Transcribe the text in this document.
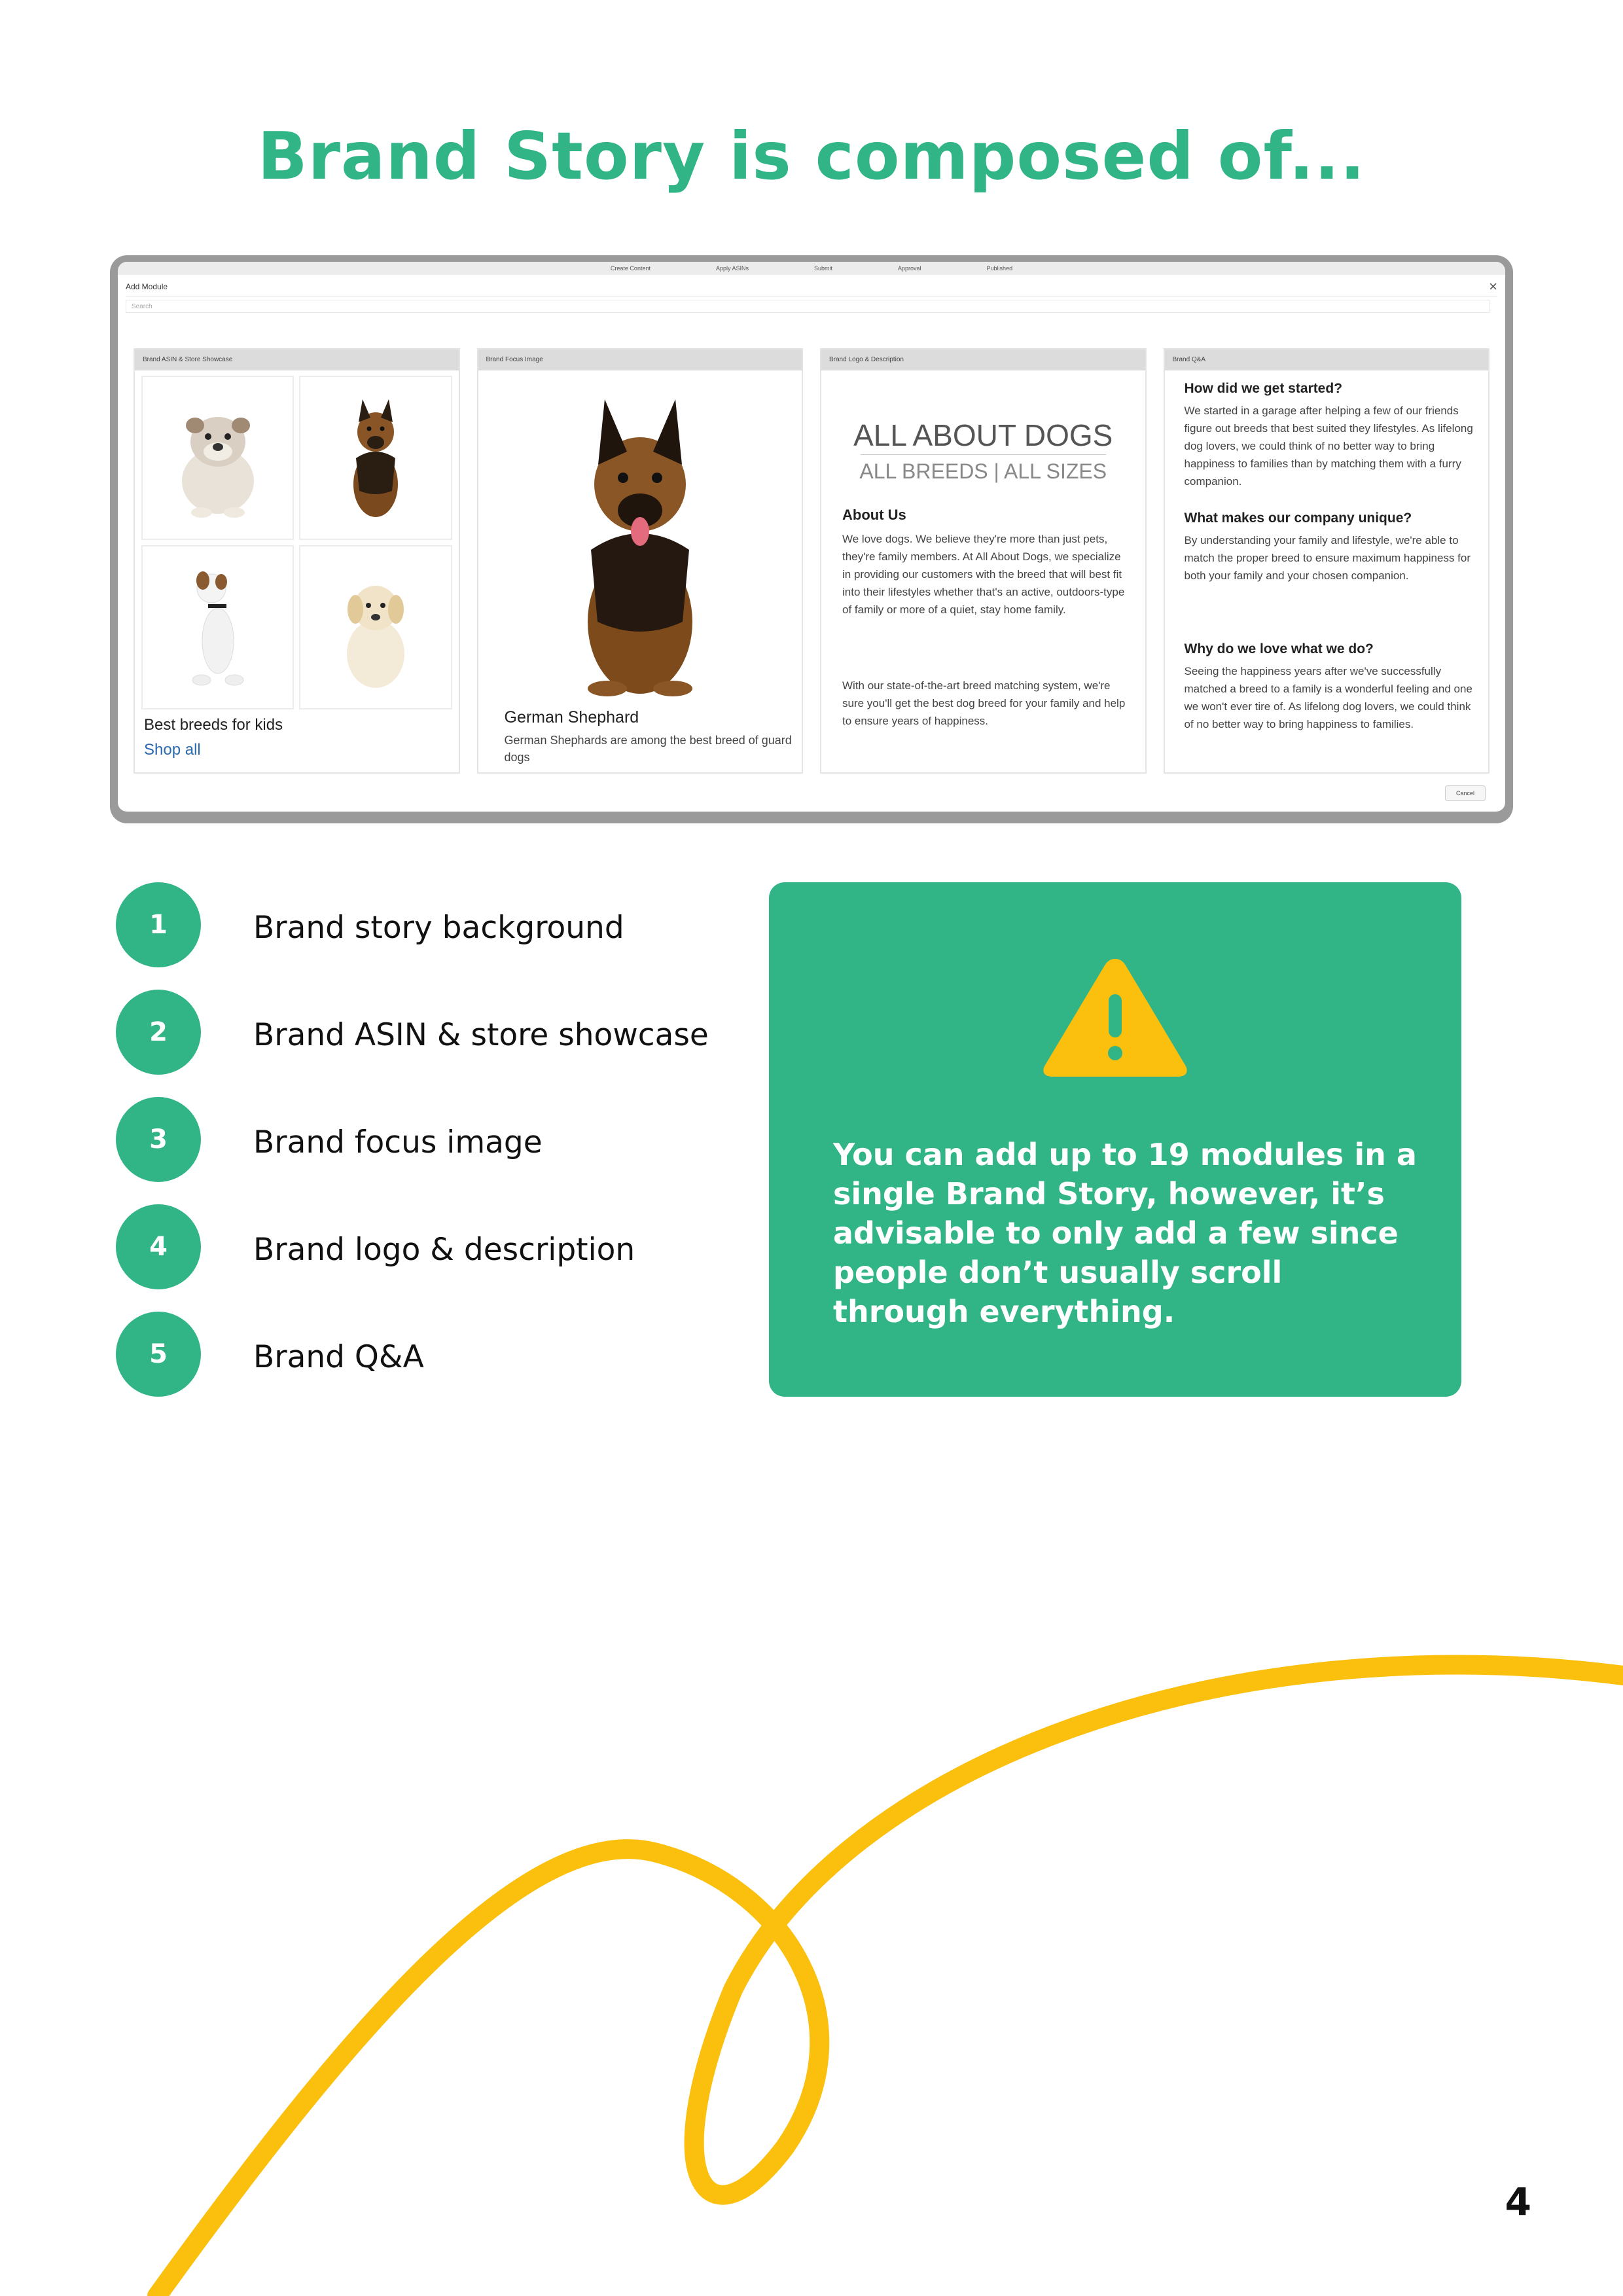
Brand Story is composed of...
Create Content	Apply ASINs	Submit	Approval	Published
Add Module	×
Search
Brand ASIN & Store Showcase
Best breeds for kids
Shop all
Brand Focus Image
German Shephard
German Shephards are among the best breed of guard dogs
Brand Logo & Description
ALL ABOUT DOGS
ALL BREEDS | ALL SIZES
About Us
We love dogs. We believe they're more than just pets, they're family members. At All About Dogs, we specialize in providing our customers with the breed that will best fit into their lifestyles whether that's an active, outdoors-type of family or more of a quiet, stay home family.
With our state-of-the-art breed matching system, we're sure you'll get the best dog breed for your family and help to ensure years of happiness.
Brand Q&A
How did we get started?
We started in a garage after helping a few of our friends figure out breeds that best suited they lifestyles. As lifelong dog lovers, we could think of no better way to bring happiness to families than by matching them with a furry companion.
What makes our company unique?
By understanding your family and lifestyle, we're able to match the proper breed to ensure maximum happiness for both your family and your chosen companion.
Why do we love what we do?
Seeing the happiness years after we've successfully matched a breed to a family is a wonderful feeling and one we won't ever tire of. As lifelong dog lovers, we could think of no better way to bring happiness to families.
Cancel
1	Brand story background
2	Brand ASIN & store showcase
3	Brand focus image
4	Brand logo & description
5	Brand Q&A
You can add up to 19 modules in a single Brand Story, however, it’s advisable to only add a few since people don’t usually scroll through everything.
4
